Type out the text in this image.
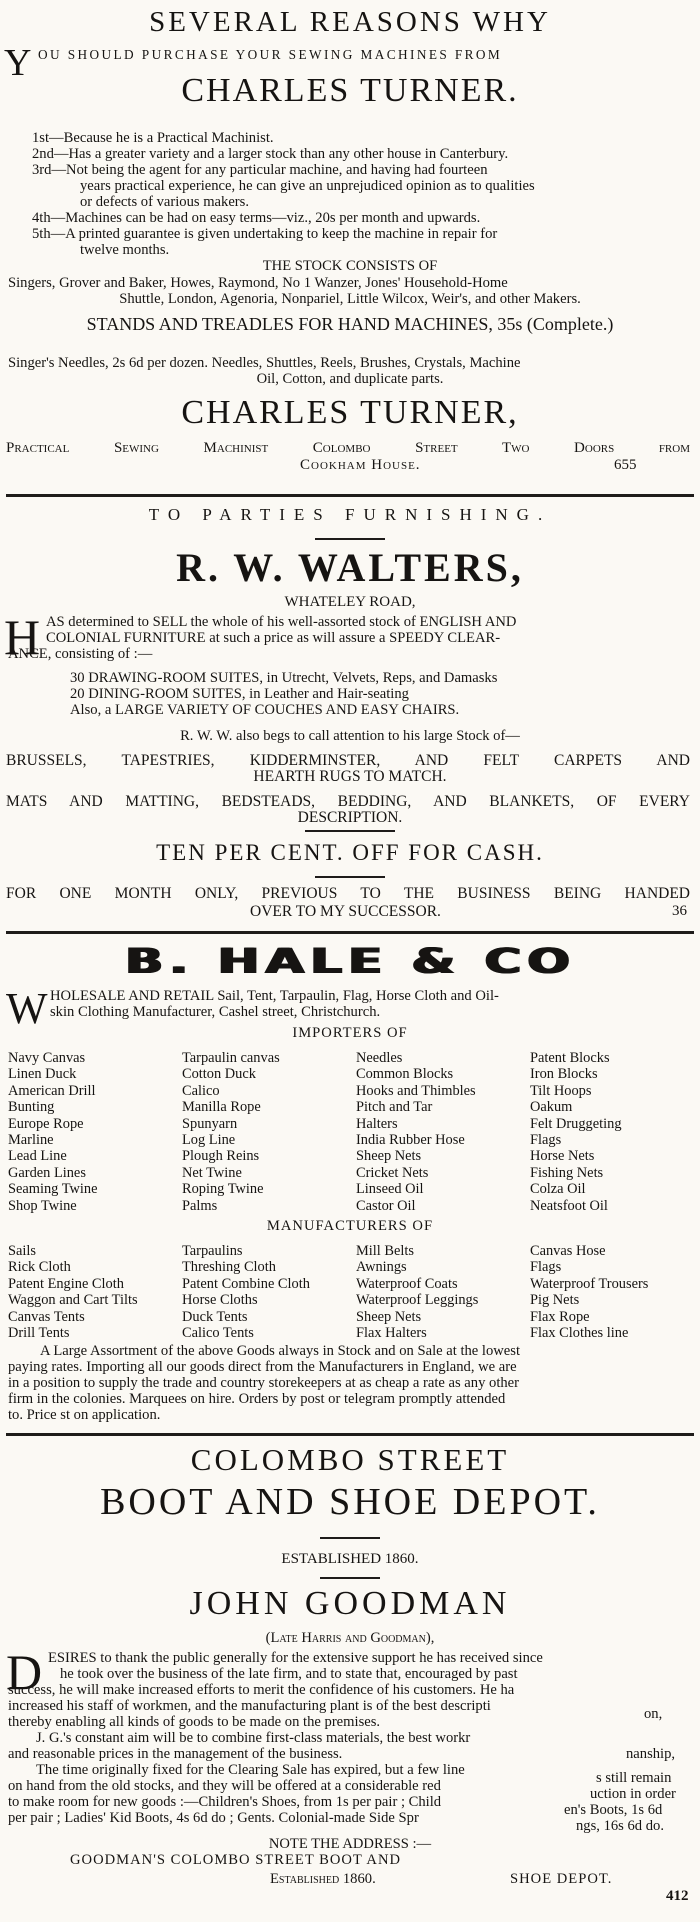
SEVERAL REASONS WHY
Y OU SHOULD PURCHASE YOUR SEWING MACHINES FROM
CHARLES TURNER.
1st—Because he is a Practical Machinist.
2nd—Has a greater variety and a larger stock than any other house in Canterbury.
3rd—Not being the agent for any particular machine, and having had fourteen
years practical experience, he can give an unprejudiced opinion as to qualities
or defects of various makers.
4th—Machines can be had on easy terms—viz., 20s per month and upwards.
5th—A printed guarantee is given undertaking to keep the machine in repair for
twelve months.
THE STOCK CONSISTS OF
Singers, Grover and Baker, Howes, Raymond, No 1 Wanzer, Jones' Household-Home
Shuttle, London, Agenoria, Nonpariel, Little Wilcox, Weir's, and other Makers.
STANDS AND TREADLES FOR HAND MACHINES, 35s (Complete.)
Singer's Needles, 2s 6d per dozen. Needles, Shuttles, Reels, Brushes, Crystals, Machine
Oil, Cotton, and duplicate parts.
CHARLES TURNER,
Practical Sewing Machinist Colombo Street Two Doors from
Cookham House.	655
TO PARTIES FURNISHING.
R. W. WALTERS,
WHATELEY ROAD,
H AS determined to SELL the whole of his well-assorted stock of ENGLISH AND
COLONIAL FURNITURE at such a price as will assure a SPEEDY CLEAR-
ANCE, consisting of :—
30 DRAWING-ROOM SUITES, in Utrecht, Velvets, Reps, and Damasks
20 DINING-ROOM SUITES, in Leather and Hair-seating
Also, a LARGE VARIETY OF COUCHES AND EASY CHAIRS.
R. W. W. also begs to call attention to his large Stock of—
BRUSSELS, TAPESTRIES, KIDDERMINSTER, AND FELT CARPETS AND
HEARTH RUGS TO MATCH.
MATS AND MATTING, BEDSTEADS, BEDDING, AND BLANKETS, OF EVERY
DESCRIPTION.
TEN PER CENT. OFF FOR CASH.
FOR ONE MONTH ONLY, PREVIOUS TO THE BUSINESS BEING HANDED
OVER TO MY SUCCESSOR.	36
B. HALE & CO
W HOLESALE AND RETAIL Sail, Tent, Tarpaulin, Flag, Horse Cloth and Oil-
skin Clothing Manufacturer, Cashel street, Christchurch.
IMPORTERS OF
Navy Canvas
Linen Duck
American Drill
Bunting
Europe Rope
Marline
Lead Line
Garden Lines
Seaming Twine
Shop Twine
Tarpaulin canvas
Cotton Duck
Calico
Manilla Rope
Spunyarn
Log Line
Plough Reins
Net Twine
Roping Twine
Palms
Needles
Common Blocks
Hooks and Thimbles
Pitch and Tar
Halters
India Rubber Hose
Sheep Nets
Cricket Nets
Linseed Oil
Castor Oil
Patent Blocks
Iron Blocks
Tilt Hoops
Oakum
Felt Druggeting
Flags
Horse Nets
Fishing Nets
Colza Oil
Neatsfoot Oil
MANUFACTURERS OF
Sails
Rick Cloth
Patent Engine Cloth
Waggon and Cart Tilts
Canvas Tents
Drill Tents
Tarpaulins
Threshing Cloth
Patent Combine Cloth
Horse Cloths
Duck Tents
Calico Tents
Mill Belts
Awnings
Waterproof Coats
Waterproof Leggings
Sheep Nets
Flax Halters
Canvas Hose
Flags
Waterproof Trousers
Pig Nets
Flax Rope
Flax Clothes line
A Large Assortment of the above Goods always in Stock and on Sale at the lowest
paying rates. Importing all our goods direct from the Manufacturers in England, we are
in a position to supply the trade and country storekeepers at as cheap a rate as any other
firm in the colonies. Marquees on hire. Orders by post or telegram promptly attended
to. Price st on application.
COLOMBO STREET
BOOT AND SHOE DEPOT.
ESTABLISHED 1860.
JOHN GOODMAN
(Late Harris and Goodman),
D ESIRES to thank the public generally for the extensive support he has received since
he took over the business of the late firm, and to state that, encouraged by past
success, he will make increased efforts to merit the confidence of his customers. He ha
increased his staff of workmen, and the manufacturing plant is of the best descripti
thereby enabling all kinds of goods to be made on the premises.
J. G.'s constant aim will be to combine first-class materials, the best workr
and reasonable prices in the management of the business.
The time originally fixed for the Clearing Sale has expired, but a few line
on hand from the old stocks, and they will be offered at a considerable red
to make room for new goods :—Children's Shoes, from 1s per pair ; Child
per pair ; Ladies' Kid Boots, 4s 6d do ; Gents. Colonial-made Side Spr
on,
nanship,
s still remain
uction in order
en's Boots, 1s 6d
ngs, 16s 6d do.
NOTE THE ADDRESS :—
GOODMAN'S COLOMBO STREET BOOT AND
SHOE DEPOT.
Established 1860.
412
